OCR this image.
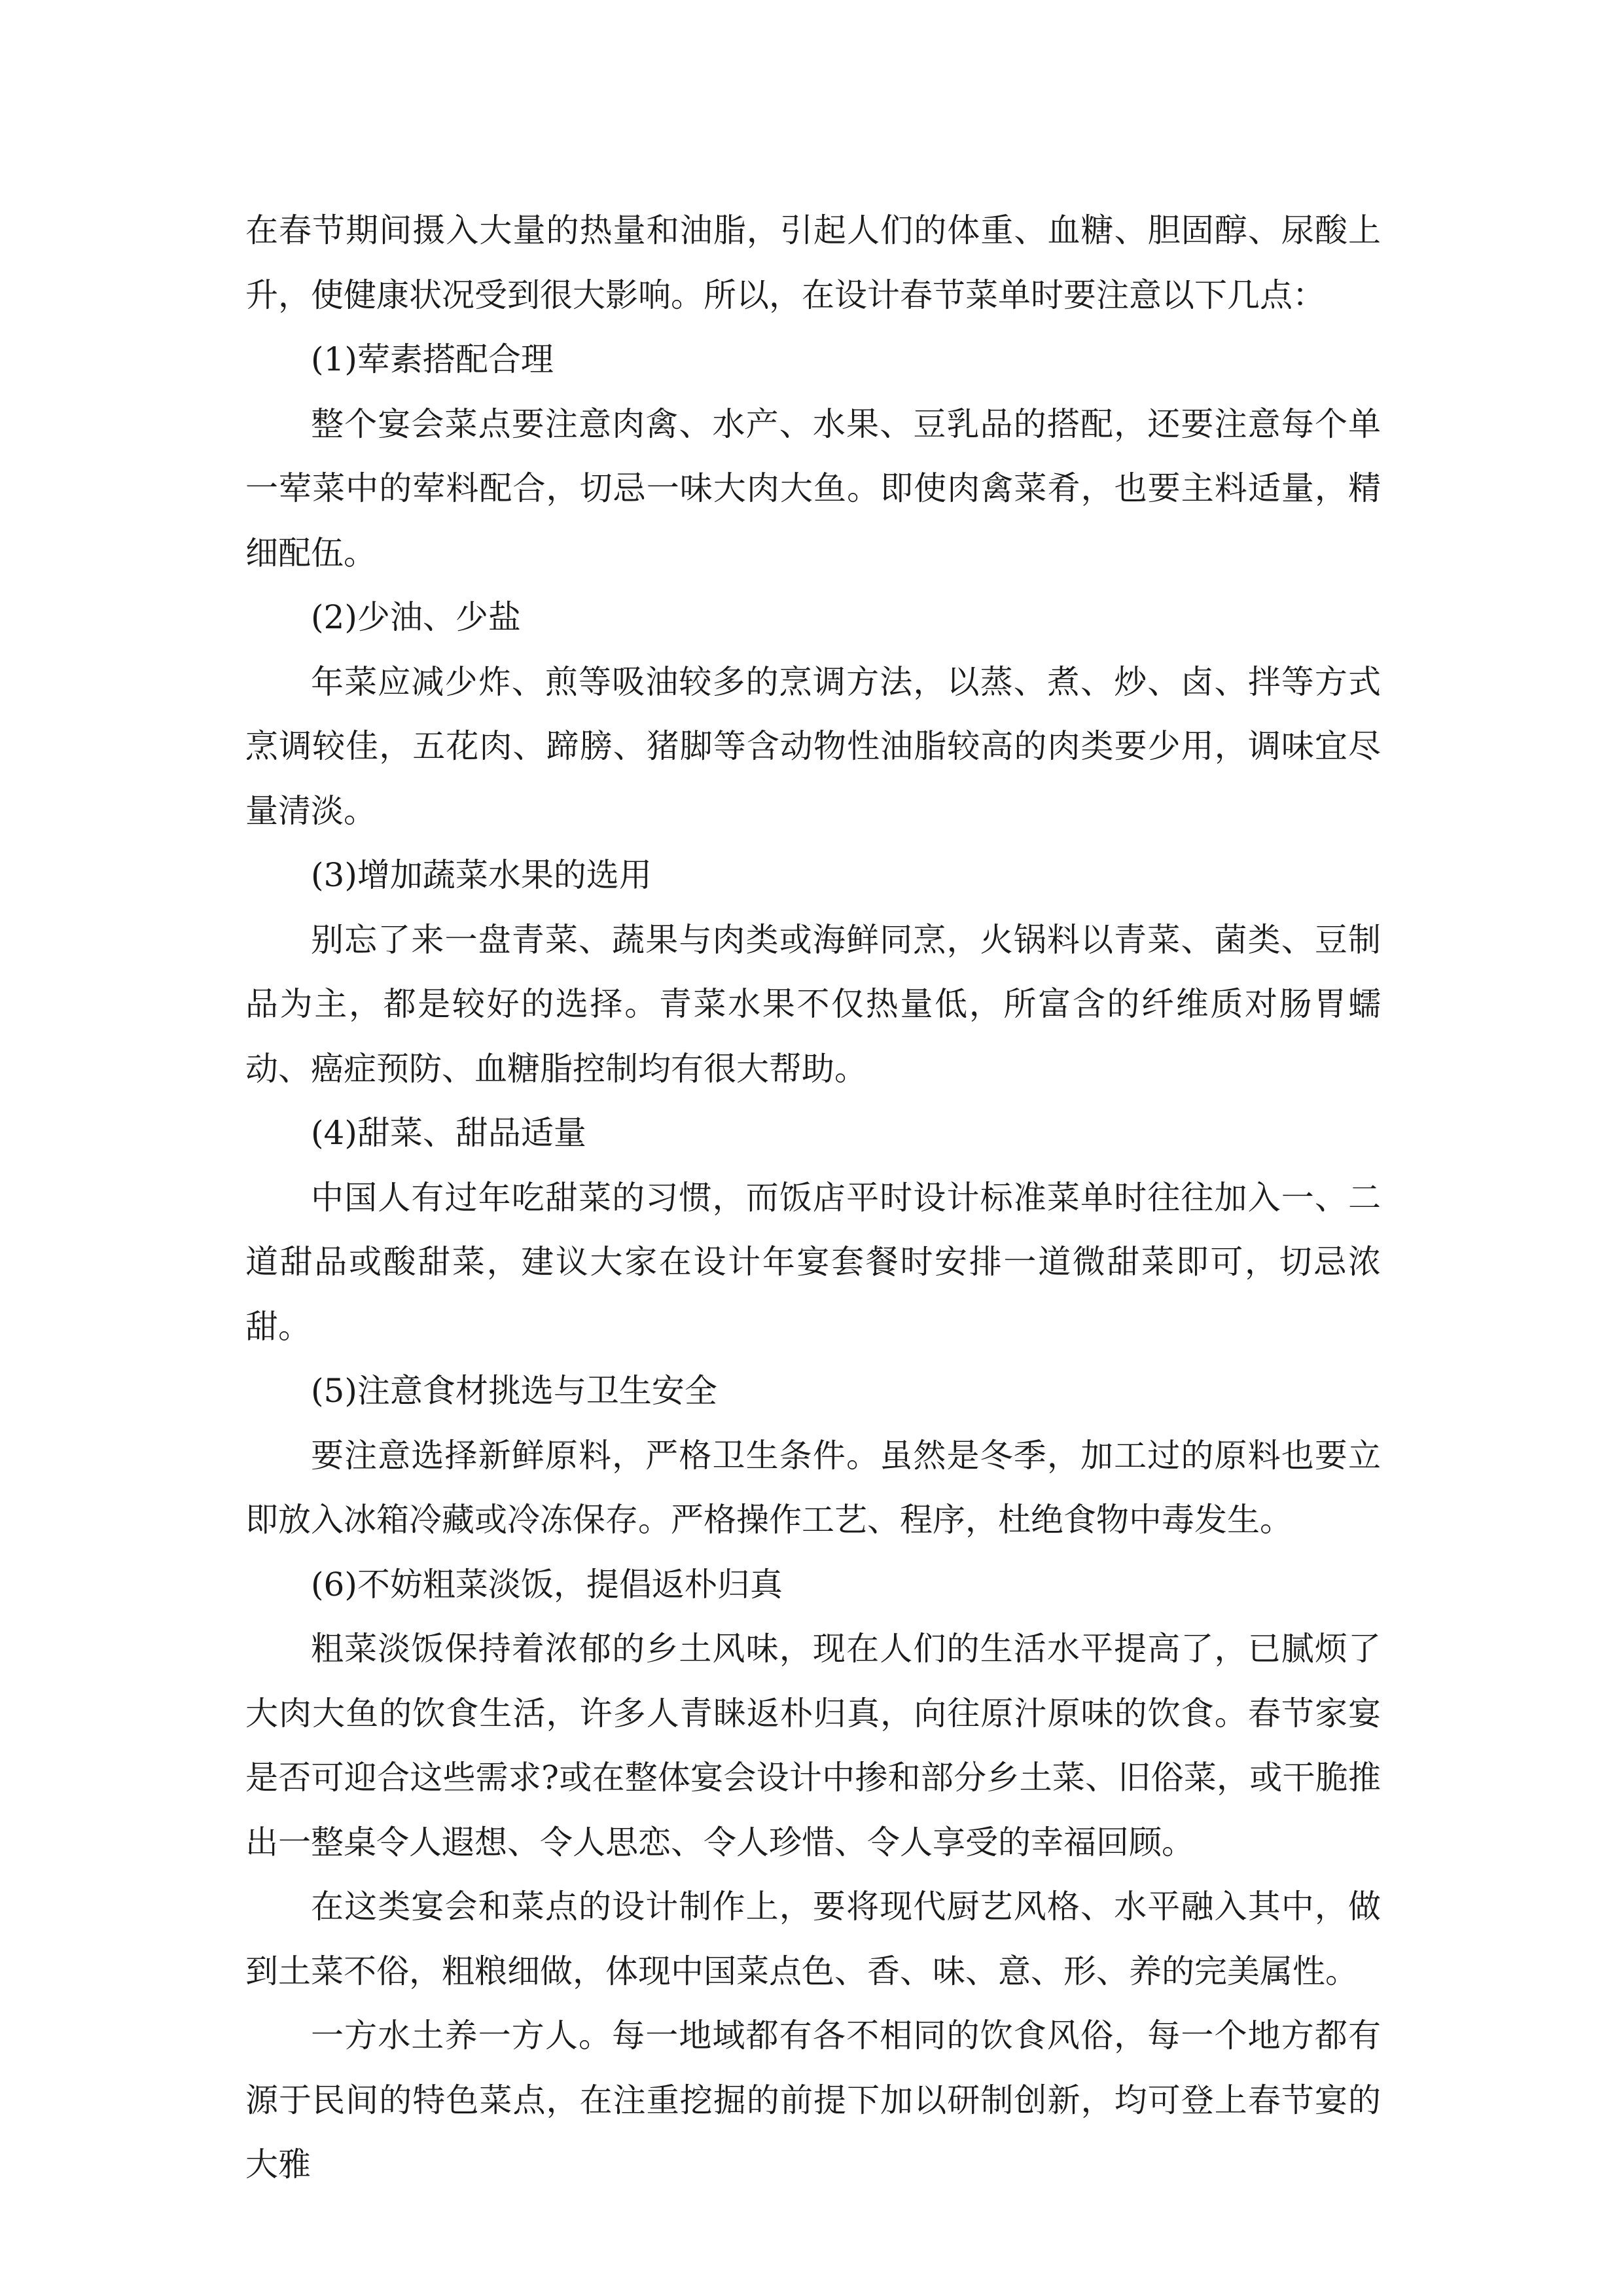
在春节期间摄入大量的热量和油脂，引起人们的体重、血糖、胆固醇、尿酸上升，使健康状况受到很大影响。所以，在设计春节菜单时要注意以下几点：

(1)荤素搭配合理

整个宴会菜点要注意肉禽、水产、水果、豆乳品的搭配，还要注意每个单一荤菜中的荤料配合，切忌一味大肉大鱼。即使肉禽菜肴，也要主料适量，精细配伍。

(2)少油、少盐

年菜应减少炸、煎等吸油较多的烹调方法，以蒸、煮、炒、卤、拌等方式烹调较佳，五花肉、蹄膀、猪脚等含动物性油脂较高的肉类要少用，调味宜尽量清淡。

(3)增加蔬菜水果的选用

别忘了来一盘青菜、蔬果与肉类或海鲜同烹，火锅料以青菜、菌类、豆制品为主，都是较好的选择。青菜水果不仅热量低，所富含的纤维质对肠胃蠕动、癌症预防、血糖脂控制均有很大帮助。

(4)甜菜、甜品适量

中国人有过年吃甜菜的习惯，而饭店平时设计标准菜单时往往加入一、二道甜品或酸甜菜，建议大家在设计年宴套餐时安排一道微甜菜即可，切忌浓甜。

(5)注意食材挑选与卫生安全

要注意选择新鲜原料，严格卫生条件。虽然是冬季，加工过的原料也要立即放入冰箱冷藏或冷冻保存。严格操作工艺、程序，杜绝食物中毒发生。

(6)不妨粗菜淡饭，提倡返朴归真

粗菜淡饭保持着浓郁的乡土风味，现在人们的生活水平提高了，已腻烦了大肉大鱼的饮食生活，许多人青睐返朴归真，向往原汁原味的饮食。春节家宴是否可迎合这些需求?或在整体宴会设计中掺和部分乡土菜、旧俗菜，或干脆推出一整桌令人遐想、令人思恋、令人珍惜、令人享受的幸福回顾。

在这类宴会和菜点的设计制作上，要将现代厨艺风格、水平融入其中，做到土菜不俗，粗粮细做，体现中国菜点色、香、味、意、形、养的完美属性。

一方水土养一方人。每一地域都有各不相同的饮食风俗，每一个地方都有源于民间的特色菜点，在注重挖掘的前提下加以研制创新，均可登上春节宴的大雅
